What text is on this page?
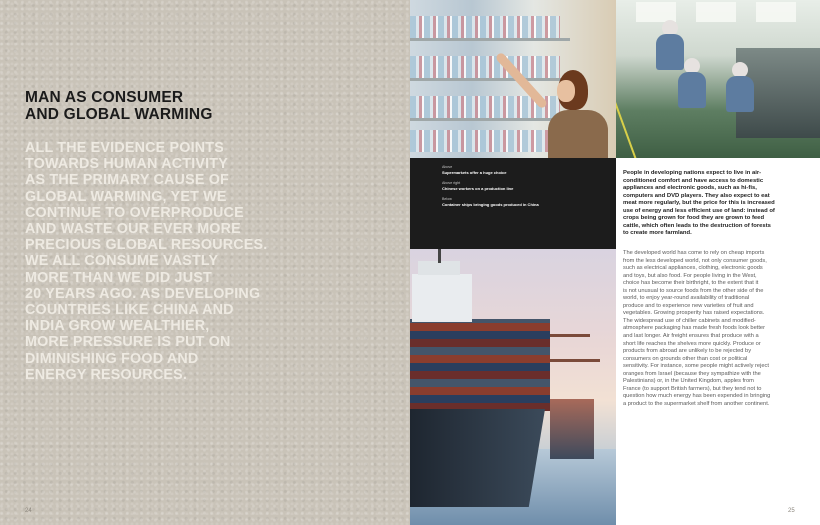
MAN AS CONSUMER
AND GLOBAL WARMING
ALL THE EVIDENCE POINTS
TOWARDS HUMAN ACTIVITY
AS THE PRIMARY CAUSE OF
GLOBAL WARMING, YET WE
CONTINUE TO OVERPRODUCE
AND WASTE OUR EVER MORE
PRECIOUS GLOBAL RESOURCES.
WE ALL CONSUME VASTLY
MORE THAN WE DID JUST
20 YEARS AGO. AS DEVELOPING
COUNTRIES LIKE CHINA AND
INDIA GROW WEALTHIER,
MORE PRESSURE IS PUT ON
DIMINISHING FOOD AND
ENERGY RESOURCES.
24
Above
Supermarkets offer a huge choice
Above right
Chinese workers on a production line
Below
Container ships bringing goods produced in China
People in developing nations expect to live in air-
conditioned comfort and have access to domestic
appliances and electronic goods, such as hi-fis,
computers and DVD players. They also expect to eat
meat more regularly, but the price for this is increased
use of energy and less efficient use of land: instead of
crops being grown for food they are grown to feed
cattle, which often leads to the destruction of forests
to create more farmland.
The developed world has come to rely on cheap imports
from the less developed world, not only consumer goods,
such as electrical appliances, clothing, electronic goods
and toys, but also food. For people living in the West,
choice has become their birthright, to the extent that it
is not unusual to source foods from the other side of the
world, to enjoy year-round availability of traditional
produce and to experience new varieties of fruit and
vegetables. Growing prosperity has raised expectations.
The widespread use of chiller cabinets and modified-
atmosphere packaging has made fresh foods look better
and last longer. Air freight ensures that produce with a
short life reaches the shelves more quickly. Produce or
products from abroad are unlikely to be rejected by
consumers on grounds other than cost or political
sensitivity. For instance, some people might actively reject
oranges from Israel (because they sympathize with the
Palestinians) or, in the United Kingdom, apples from
France (to support British farmers), but they tend not to
question how much energy has been expended in bringing
a product to the supermarket shelf from another continent.
25
